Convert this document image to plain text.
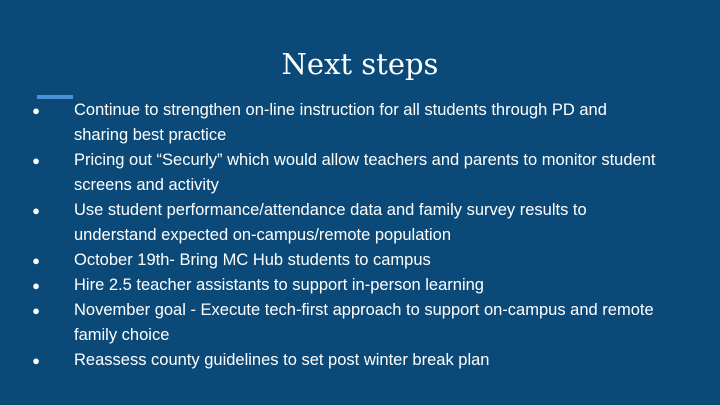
Next steps
● Continue to strengthen on-line instruction for all students through PD and sharing best practice
● Pricing out “Securly” which would allow teachers and parents to monitor student screens and activity
● Use student performance/attendance data and family survey results to understand expected on-campus/remote population
● October 19th- Bring MC Hub students to campus
● Hire 2.5 teacher assistants to support in-person learning
● November goal - Execute tech-first approach to support on-campus and remote family choice
● Reassess county guidelines to set post winter break plan
